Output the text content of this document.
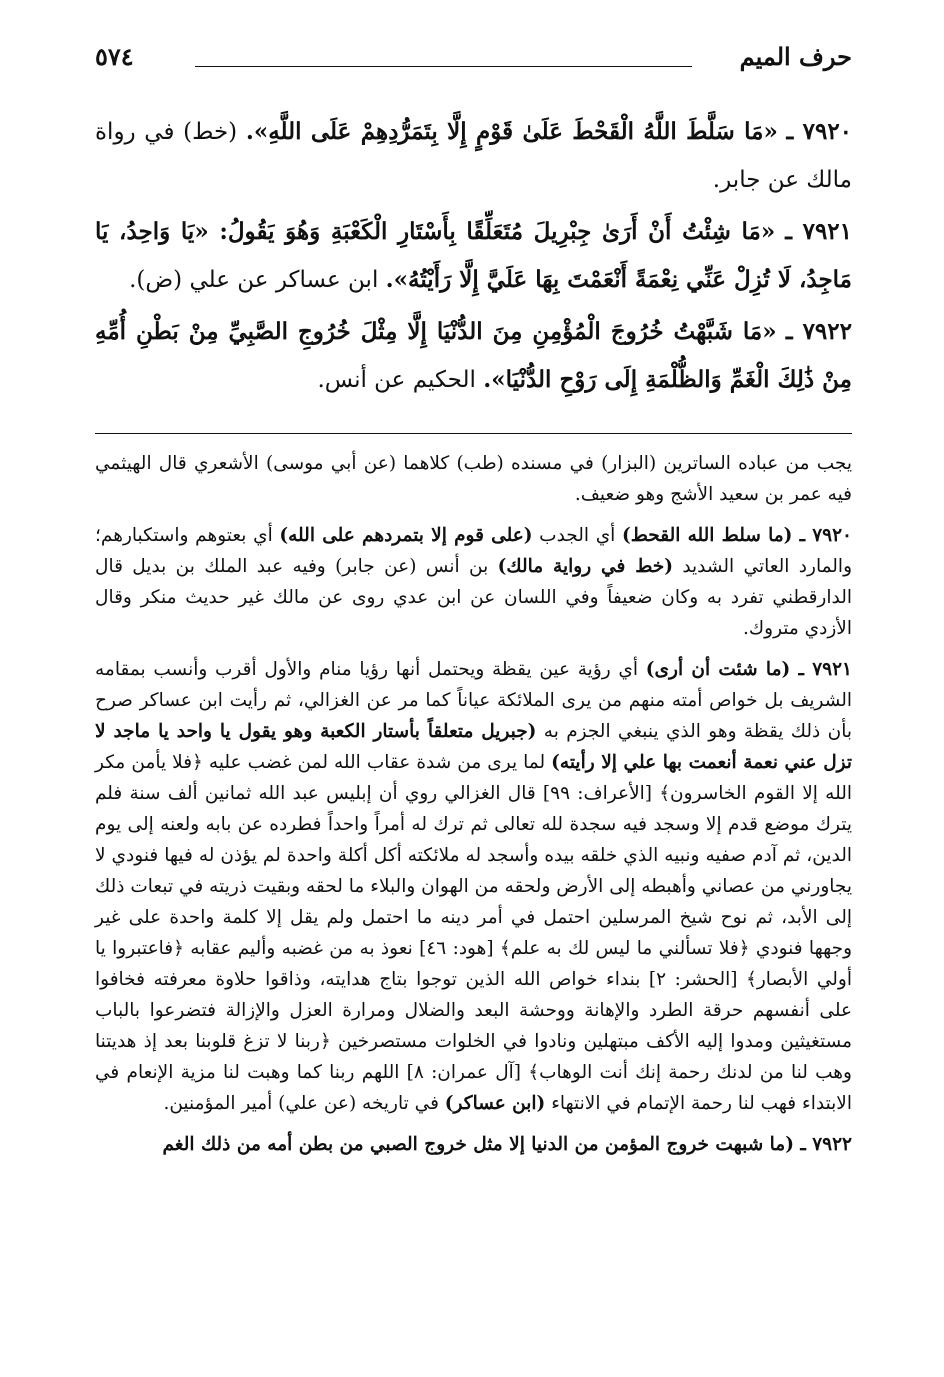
حرف الميم
٥٧٤

٧٩٢٠ ـ «مَا سَلَّطَ اللَّهُ الْقَحْطَ عَلَىٰ قَوْمٍ إِلَّا بِتَمَرُّدِهِمْ عَلَى اللَّهِ». (خط) في رواة مالك عن جابر.

٧٩٢١ ـ «مَا شِئْتُ أَنْ أَرَىٰ جِبْرِيلَ مُتَعَلِّقًا بِأَسْتَارِ الْكَعْبَةِ وَهُوَ يَقُولُ: «يَا وَاحِدُ، يَا مَاجِدُ، لَا تُزِلْ عَنِّي نِعْمَةً أَنْعَمْتَ بِهَا عَلَيَّ إِلَّا رَأَيْتُهُ». ابن عساكر عن علي (ض).

٧٩٢٢ ـ «مَا شَبَّهْتُ خُرُوجَ الْمُؤْمِنِ مِنَ الدُّنْيَا إِلَّا مِثْلَ خُرُوجِ الصَّبِيِّ مِنْ بَطْنِ أُمِّهِ مِنْ ذَٰلِكَ الْغَمِّ وَالظُّلْمَةِ إِلَى رَوْحِ الدُّنْيَا». الحكيم عن أنس.

يجب من عباده الساترين (البزار) في مسنده (طب) كلاهما (عن أبي موسى) الأشعري قال الهيثمي فيه عمر بن سعيد الأشج وهو ضعيف.

٧٩٢٠ ـ (ما سلط الله القحط) أي الجدب (على قوم إلا بتمردهم على الله) أي بعتوهم واستكبارهم؛ والمارد العاتي الشديد (خط في رواية مالك) بن أنس (عن جابر) وفيه عبد الملك بن بديل قال الدارقطني تفرد به وكان ضعيفاً وفي اللسان عن ابن عدي روى عن مالك غير حديث منكر وقال الأزدي متروك.

٧٩٢١ ـ (ما شئت أن أرى) أي رؤية عين يقظة ويحتمل أنها رؤيا منام والأول أقرب وأنسب بمقامه الشريف بل خواص أمته منهم من يرى الملائكة عياناً كما مر عن الغزالي، ثم رأيت ابن عساكر صرح بأن ذلك يقظة وهو الذي ينبغي الجزم به (جبريل متعلقاً بأستار الكعبة وهو يقول يا واحد يا ماجد لا تزل عني نعمة أنعمت بها علي إلا رأيته) لما يرى من شدة عقاب الله لمن غضب عليه ﴿فلا يأمن مكر الله إلا القوم الخاسرون﴾ [الأعراف: ٩٩] قال الغزالي روي أن إبليس عبد الله ثمانين ألف سنة فلم يترك موضع قدم إلا وسجد فيه سجدة لله تعالى ثم ترك له أمراً واحداً فطرده عن بابه ولعنه إلى يوم الدين، ثم آدم صفيه ونبيه الذي خلقه بيده وأسجد له ملائكته أكل أكلة واحدة لم يؤذن له فيها فنودي لا يجاورني من عصاني وأهبطه إلى الأرض ولحقه من الهوان والبلاء ما لحقه وبقيت ذريته في تبعات ذلك إلى الأبد، ثم نوح شيخ المرسلين احتمل في أمر دينه ما احتمل ولم يقل إلا كلمة واحدة على غير وجهها فنودي ﴿فلا تسألني ما ليس لك به علم﴾ [هود: ٤٦] نعوذ به من غضبه وأليم عقابه ﴿فاعتبروا يا أولي الأبصار﴾ [الحشر: ٢] بنداء خواص الله الذين توجوا بتاج هدايته، وذاقوا حلاوة معرفته فخافوا على أنفسهم حرقة الطرد والإهانة ووحشة البعد والضلال ومرارة العزل والإزالة فتضرعوا بالباب مستغيثين ومدوا إليه الأكف مبتهلين ونادوا في الخلوات مستصرخين ﴿ربنا لا تزغ قلوبنا بعد إذ هديتنا وهب لنا من لدنك رحمة إنك أنت الوهاب﴾ [آل عمران: ٨] اللهم ربنا كما وهبت لنا مزية الإنعام في الابتداء فهب لنا رحمة الإتمام في الانتهاء (ابن عساكر) في تاريخه (عن علي) أمير المؤمنين.

٧٩٢٢ ـ (ما شبهت خروج المؤمن من الدنيا إلا مثل خروج الصبي من بطن أمه من ذلك الغم
